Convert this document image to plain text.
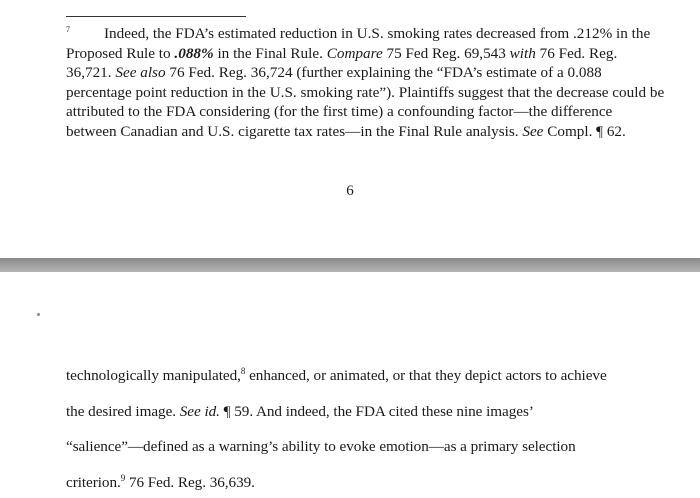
7 Indeed, the FDA’s estimated reduction in U.S. smoking rates decreased from .212% in the Proposed Rule to .088% in the Final Rule. Compare 75 Fed Reg. 69,543 with 76 Fed. Reg. 36,721. See also 76 Fed. Reg. 36,724 (further explaining the “FDA’s estimate of a 0.088 percentage point reduction in the U.S. smoking rate”). Plaintiffs suggest that the decrease could be attributed to the FDA considering (for the first time) a confounding factor—the difference between Canadian and U.S. cigarette tax rates—in the Final Rule analysis. See Compl. ¶ 62.

6

technologically manipulated,$^8$ enhanced, or animated, or that they depict actors to achieve

the desired image. See id. ¶ 59. And indeed, the FDA cited these nine images’

“salience”—defined as a warning’s ability to evoke emotion—as a primary selection

criterion.$^9$ 76 Fed. Reg. 36,639.
